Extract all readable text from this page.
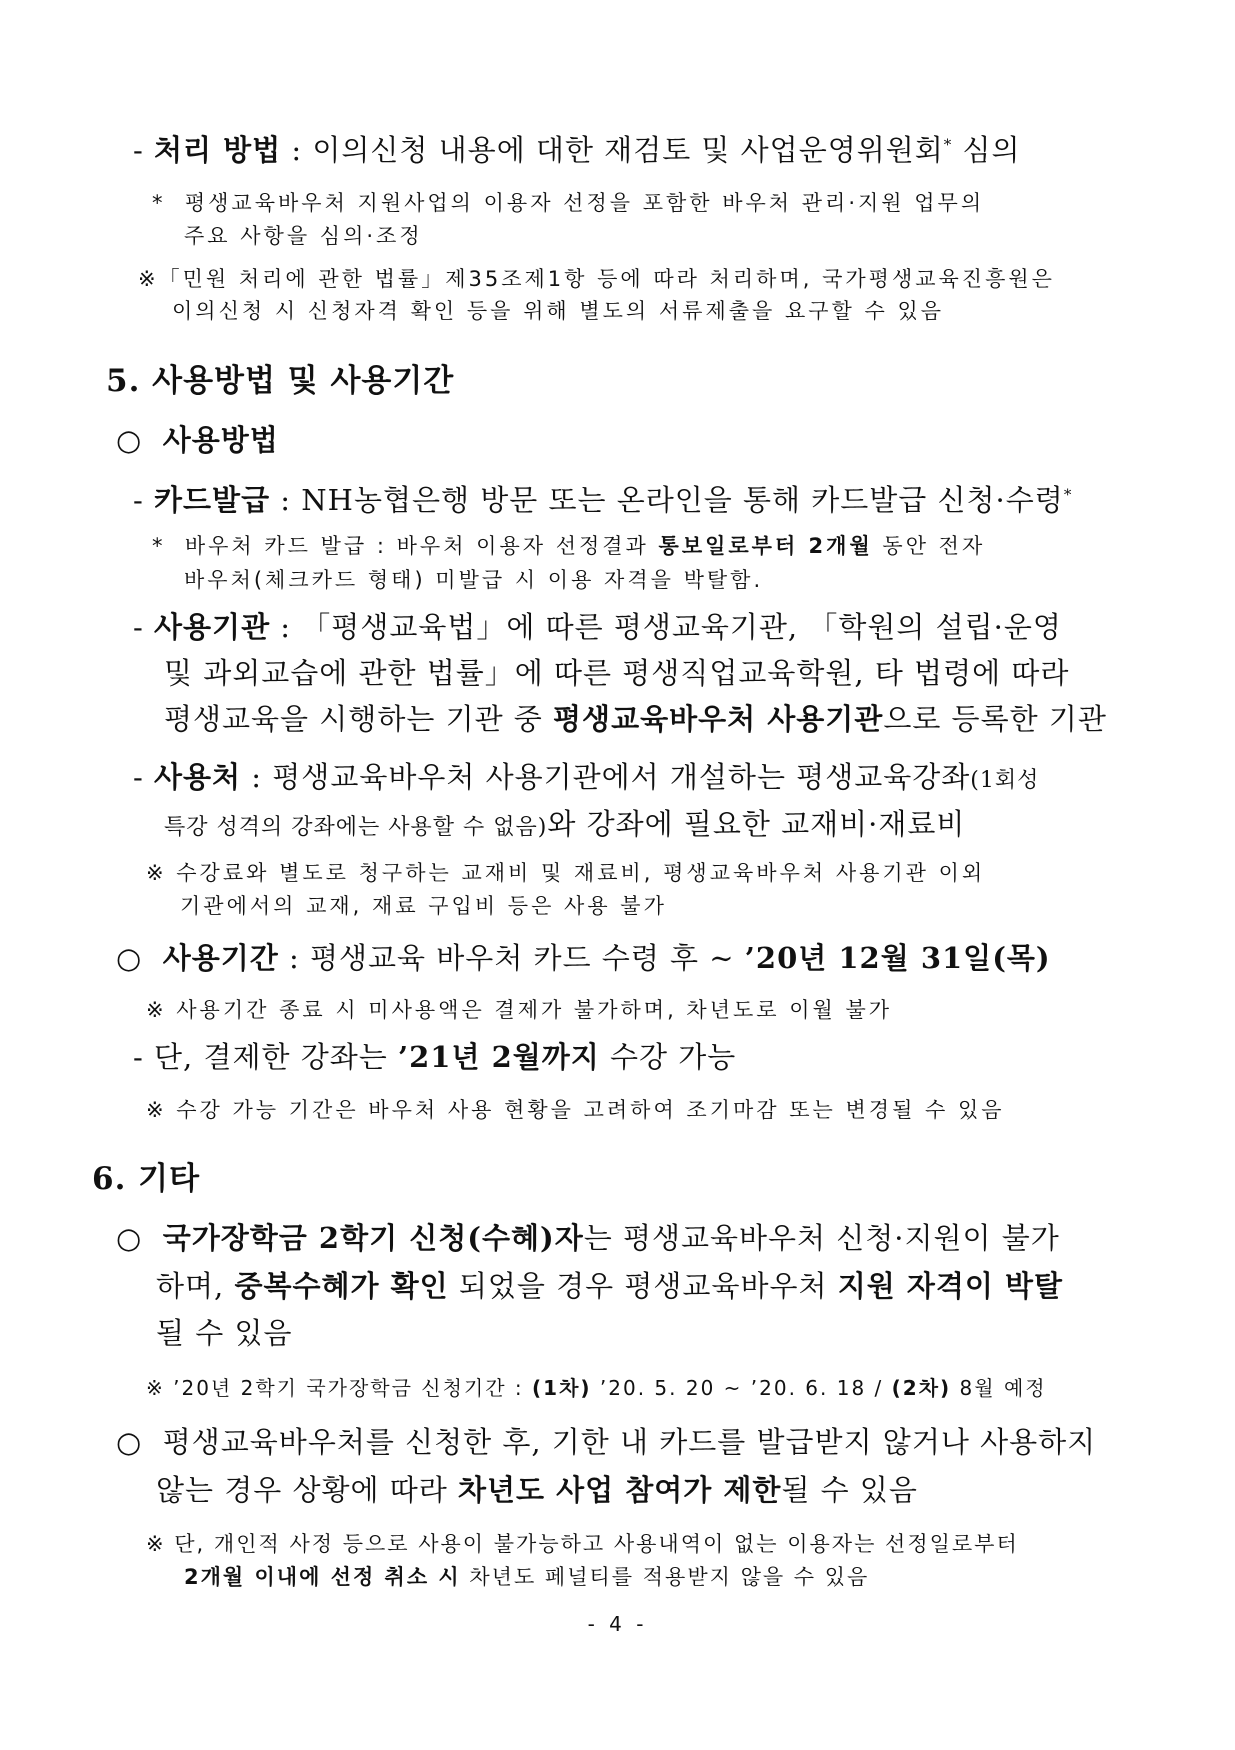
- 처리 방법 : 이의신청 내용에 대한 재검토 및 사업운영위원회* 심의
* 평생교육바우처 지원사업의 이용자 선정을 포함한 바우처 관리·지원 업무의
주요 사항을 심의·조정
※「민원 처리에 관한 법률」제35조제1항 등에 따라 처리하며, 국가평생교육진흥원은
이의신청 시 신청자격 확인 등을 위해 별도의 서류제출을 요구할 수 있음
5. 사용방법 및 사용기간
○ 사용방법
- 카드발급 : NH농협은행 방문 또는 온라인을 통해 카드발급 신청·수령*
* 바우처 카드 발급 : 바우처 이용자 선정결과 통보일로부터 2개월 동안 전자
바우처(체크카드 형태) 미발급 시 이용 자격을 박탈함.
- 사용기관 : 「평생교육법」에 따른 평생교육기관, 「학원의 설립·운영
및 과외교습에 관한 법률」에 따른 평생직업교육학원, 타 법령에 따라
평생교육을 시행하는 기관 중 평생교육바우처 사용기관으로 등록한 기관
- 사용처 : 평생교육바우처 사용기관에서 개설하는 평생교육강좌(1회성
특강 성격의 강좌에는 사용할 수 없음)와 강좌에 필요한 교재비·재료비
※ 수강료와 별도로 청구하는 교재비 및 재료비, 평생교육바우처 사용기관 이외
기관에서의 교재, 재료 구입비 등은 사용 불가
○ 사용기간 : 평생교육 바우처 카드 수령 후 ∼ ’20년 12월 31일(목)
※ 사용기간 종료 시 미사용액은 결제가 불가하며, 차년도로 이월 불가
- 단, 결제한 강좌는 ’21년 2월까지 수강 가능
※ 수강 가능 기간은 바우처 사용 현황을 고려하여 조기마감 또는 변경될 수 있음
6. 기타
○ 국가장학금 2학기 신청(수혜)자는 평생교육바우처 신청·지원이 불가
하며, 중복수혜가 확인 되었을 경우 평생교육바우처 지원 자격이 박탈
될 수 있음
※ ’20년 2학기 국가장학금 신청기간 : (1차) ’20. 5. 20 ~ ’20. 6. 18 / (2차) 8월 예정
○ 평생교육바우처를 신청한 후, 기한 내 카드를 발급받지 않거나 사용하지
않는 경우 상황에 따라 차년도 사업 참여가 제한될 수 있음
※ 단, 개인적 사정 등으로 사용이 불가능하고 사용내역이 없는 이용자는 선정일로부터
2개월 이내에 선정 취소 시 차년도 페널티를 적용받지 않을 수 있음
- 4 -
